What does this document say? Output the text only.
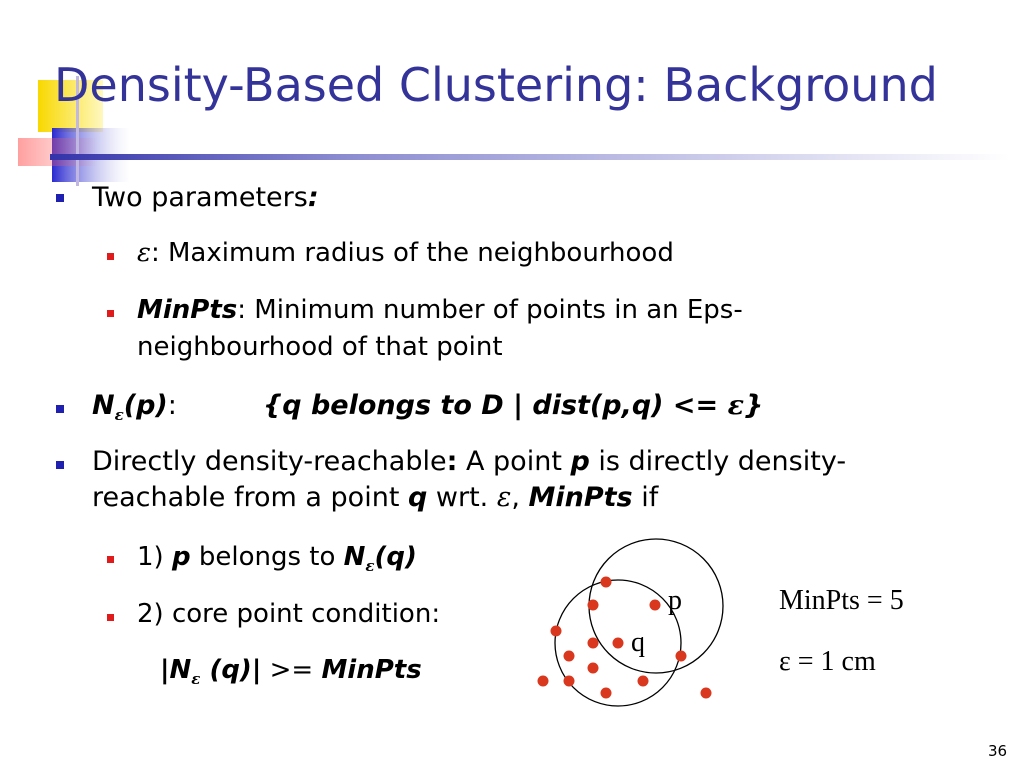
Density-Based Clustering: Background
Two parameters:
ε: Maximum radius of the neighbourhood
MinPts: Minimum number of points in an Eps-
neighbourhood of that point
$N_\varepsilon(p)$:	{q belongs to D | dist(p,q) <= ε}
Directly density-reachable: A point p is directly density-
reachable from a point q wrt. ε, MinPts if
1) p belongs to $N_\varepsilon(q)$
2) core point condition:
$|N_\varepsilon$ (q)| >= MinPts
p
q
MinPts = 5
ε = 1 cm
36
